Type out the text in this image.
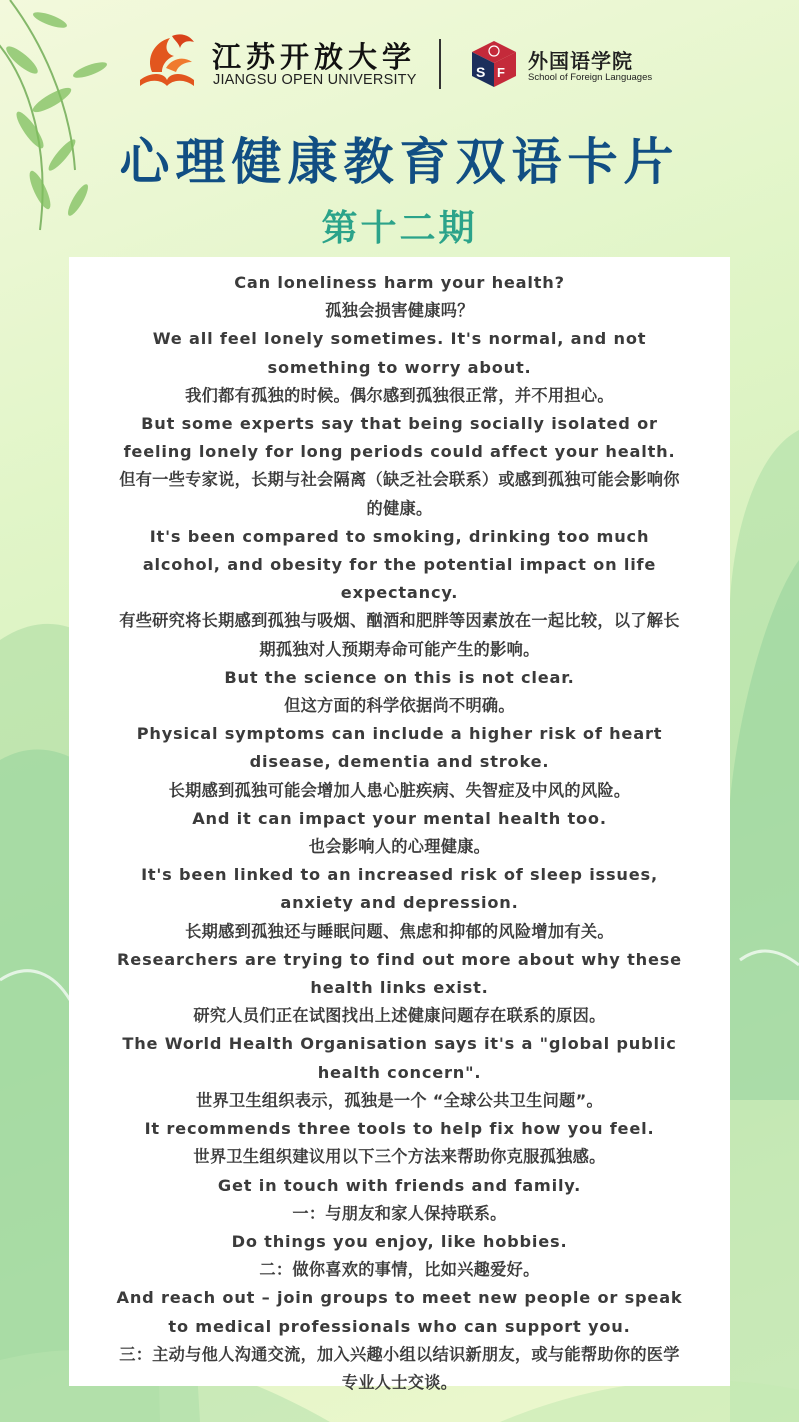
江苏开放大学
JIANGSU OPEN UNIVERSITY	S F 外国语学院
School of Foreign Languages
心理健康教育双语卡片
第十二期
Can loneliness harm your health?
孤独会损害健康吗？
We all feel lonely sometimes. It's normal, and not something to worry about.
我们都有孤独的时候。偶尔感到孤独很正常，并不用担心。
But some experts say that being socially isolated or feeling lonely for long periods could affect your health.
但有一些专家说，长期与社会隔离（缺乏社会联系）或感到孤独可能会影响你的健康。
It's been compared to smoking, drinking too much alcohol, and obesity for the potential impact on life expectancy.
有些研究将长期感到孤独与吸烟、酗酒和肥胖等因素放在一起比较，以了解长期孤独对人预期寿命可能产生的影响。
But the science on this is not clear.
但这方面的科学依据尚不明确。
Physical symptoms can include a higher risk of heart disease, dementia and stroke.
长期感到孤独可能会增加人患心脏疾病、失智症及中风的风险。
And it can impact your mental health too.
也会影响人的心理健康。
It's been linked to an increased risk of sleep issues, anxiety and depression.
长期感到孤独还与睡眠问题、焦虑和抑郁的风险增加有关。
Researchers are trying to find out more about why these health links exist.
研究人员们正在试图找出上述健康问题存在联系的原因。
The World Health Organisation says it's a "global public health concern".
世界卫生组织表示，孤独是一个 “全球公共卫生问题”。
It recommends three tools to help fix how you feel.
世界卫生组织建议用以下三个方法来帮助你克服孤独感。
Get in touch with friends and family.
一：与朋友和家人保持联系。
Do things you enjoy, like hobbies.
二：做你喜欢的事情，比如兴趣爱好。
And reach out – join groups to meet new people or speak to medical professionals who can support you.
三：主动与他人沟通交流，加入兴趣小组以结识新朋友，或与能帮助你的医学专业人士交谈。
